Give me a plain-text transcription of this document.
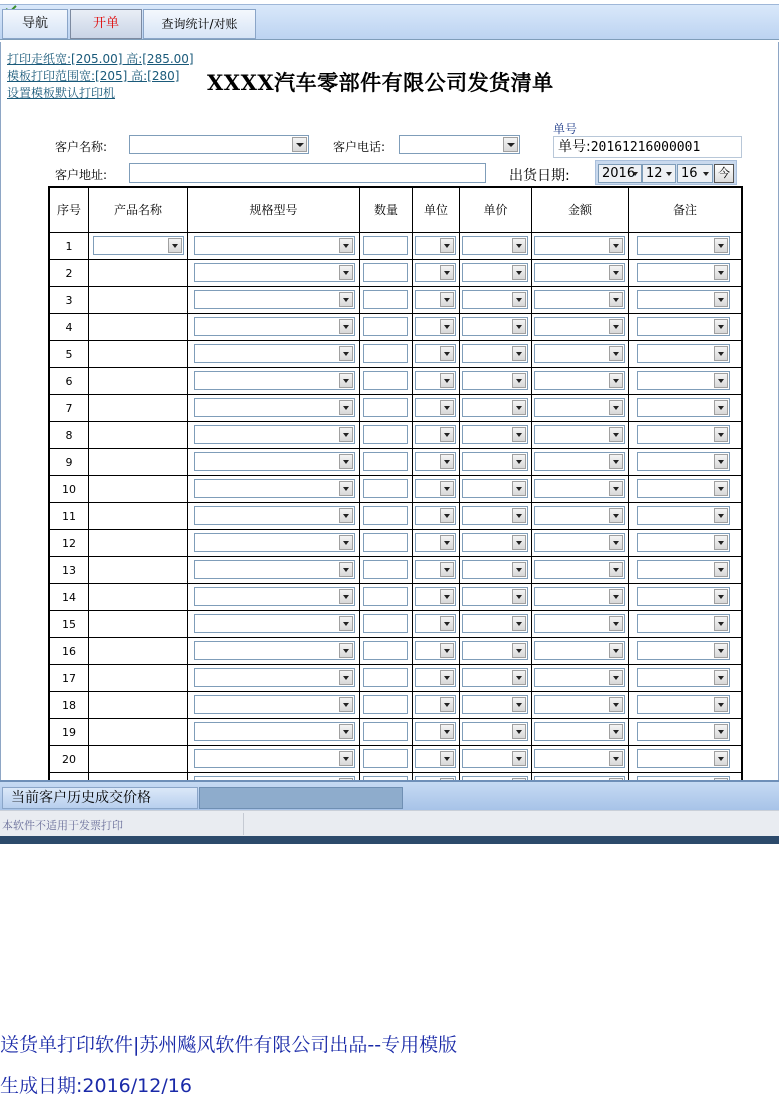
导航	开单	查询统计/对账
打印走纸宽:[205.00] 高:[285.00]
模板打印范围宽:[205] 高:[280]
设置模板默认打印机	XXXX汽车零部件有限公司发货清单
客户名称:	客户电话:
单号
单号:20161216000001
客户地址:	出货日期:	2016 12	16	今
序号	产品名称	规格型号	数量	单位	单价	金额	备注
1
2
3
4
5
6
7
8
9
10
11
12
13
14
15
16
17
18
19
20
当前客户历史成交价格
本软件不适用于发票打印
送货单打印软件|苏州飚风软件有限公司出品--专用模版
生成日期:2016/12/16
